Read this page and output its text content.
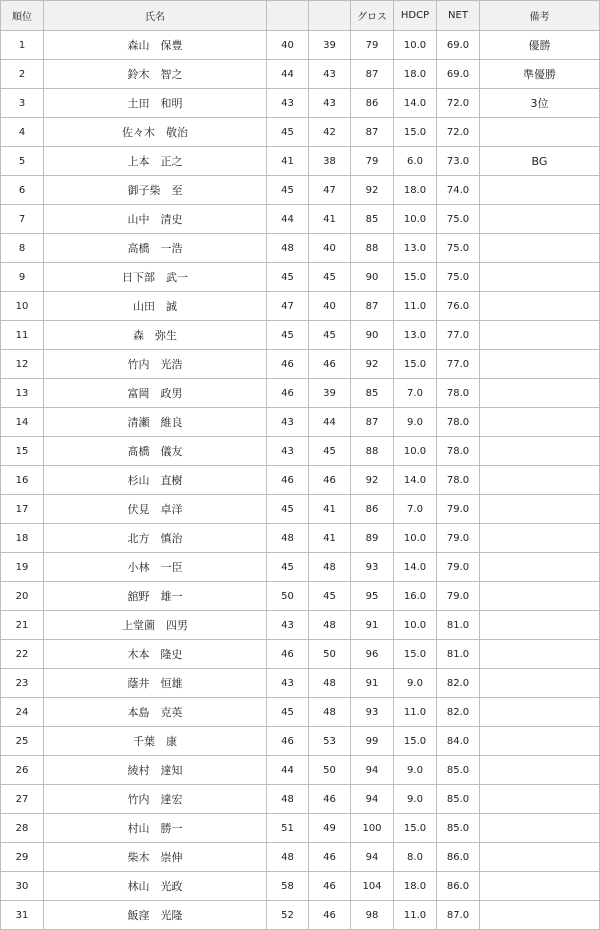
順位	氏名			グロス	HDCP	NET	備考
1	森山　保豊	40	39	79	10.0	69.0	優勝
2	鈴木　智之	44	43	87	18.0	69.0	準優勝
3	土田　和明	43	43	86	14.0	72.0	3位
4	佐々木　敬治	45	42	87	15.0	72.0	
5	上本　正之	41	38	79	6.0	73.0	BG
6	御子柴　至	45	47	92	18.0	74.0	
7	山中　清史	44	41	85	10.0	75.0	
8	高橋　一浩	48	40	88	13.0	75.0	
9	日下部　武一	45	45	90	15.0	75.0	
10	山田　誠	47	40	87	11.0	76.0	
11	森　弥生	45	45	90	13.0	77.0	
12	竹内　光浩	46	46	92	15.0	77.0	
13	富岡　政男	46	39	85	7.0	78.0	
14	清瀬　維良	43	44	87	9.0	78.0	
15	髙橋　儀友	43	45	88	10.0	78.0	
16	杉山　直樹	46	46	92	14.0	78.0	
17	伏見　卓洋	45	41	86	7.0	79.0	
18	北方　慎治	48	41	89	10.0	79.0	
19	小林　一臣	45	48	93	14.0	79.0	
20	舘野　雄一	50	45	95	16.0	79.0	
21	上堂薗　四男	43	48	91	10.0	81.0	
22	木本　隆史	46	50	96	15.0	81.0	
23	蔭井　恒雄	43	48	91	9.0	82.0	
24	本島　克英	45	48	93	11.0	82.0	
25	千葉　康	46	53	99	15.0	84.0	
26	綾村　達知	44	50	94	9.0	85.0	
27	竹内　達宏	48	46	94	9.0	85.0	
28	村山　勝一	51	49	100	15.0	85.0	
29	柴木　崇伸	48	46	94	8.0	86.0	
30	林山　光政	58	46	104	18.0	86.0	
31	飯窪　光隆	52	46	98	11.0	87.0	
